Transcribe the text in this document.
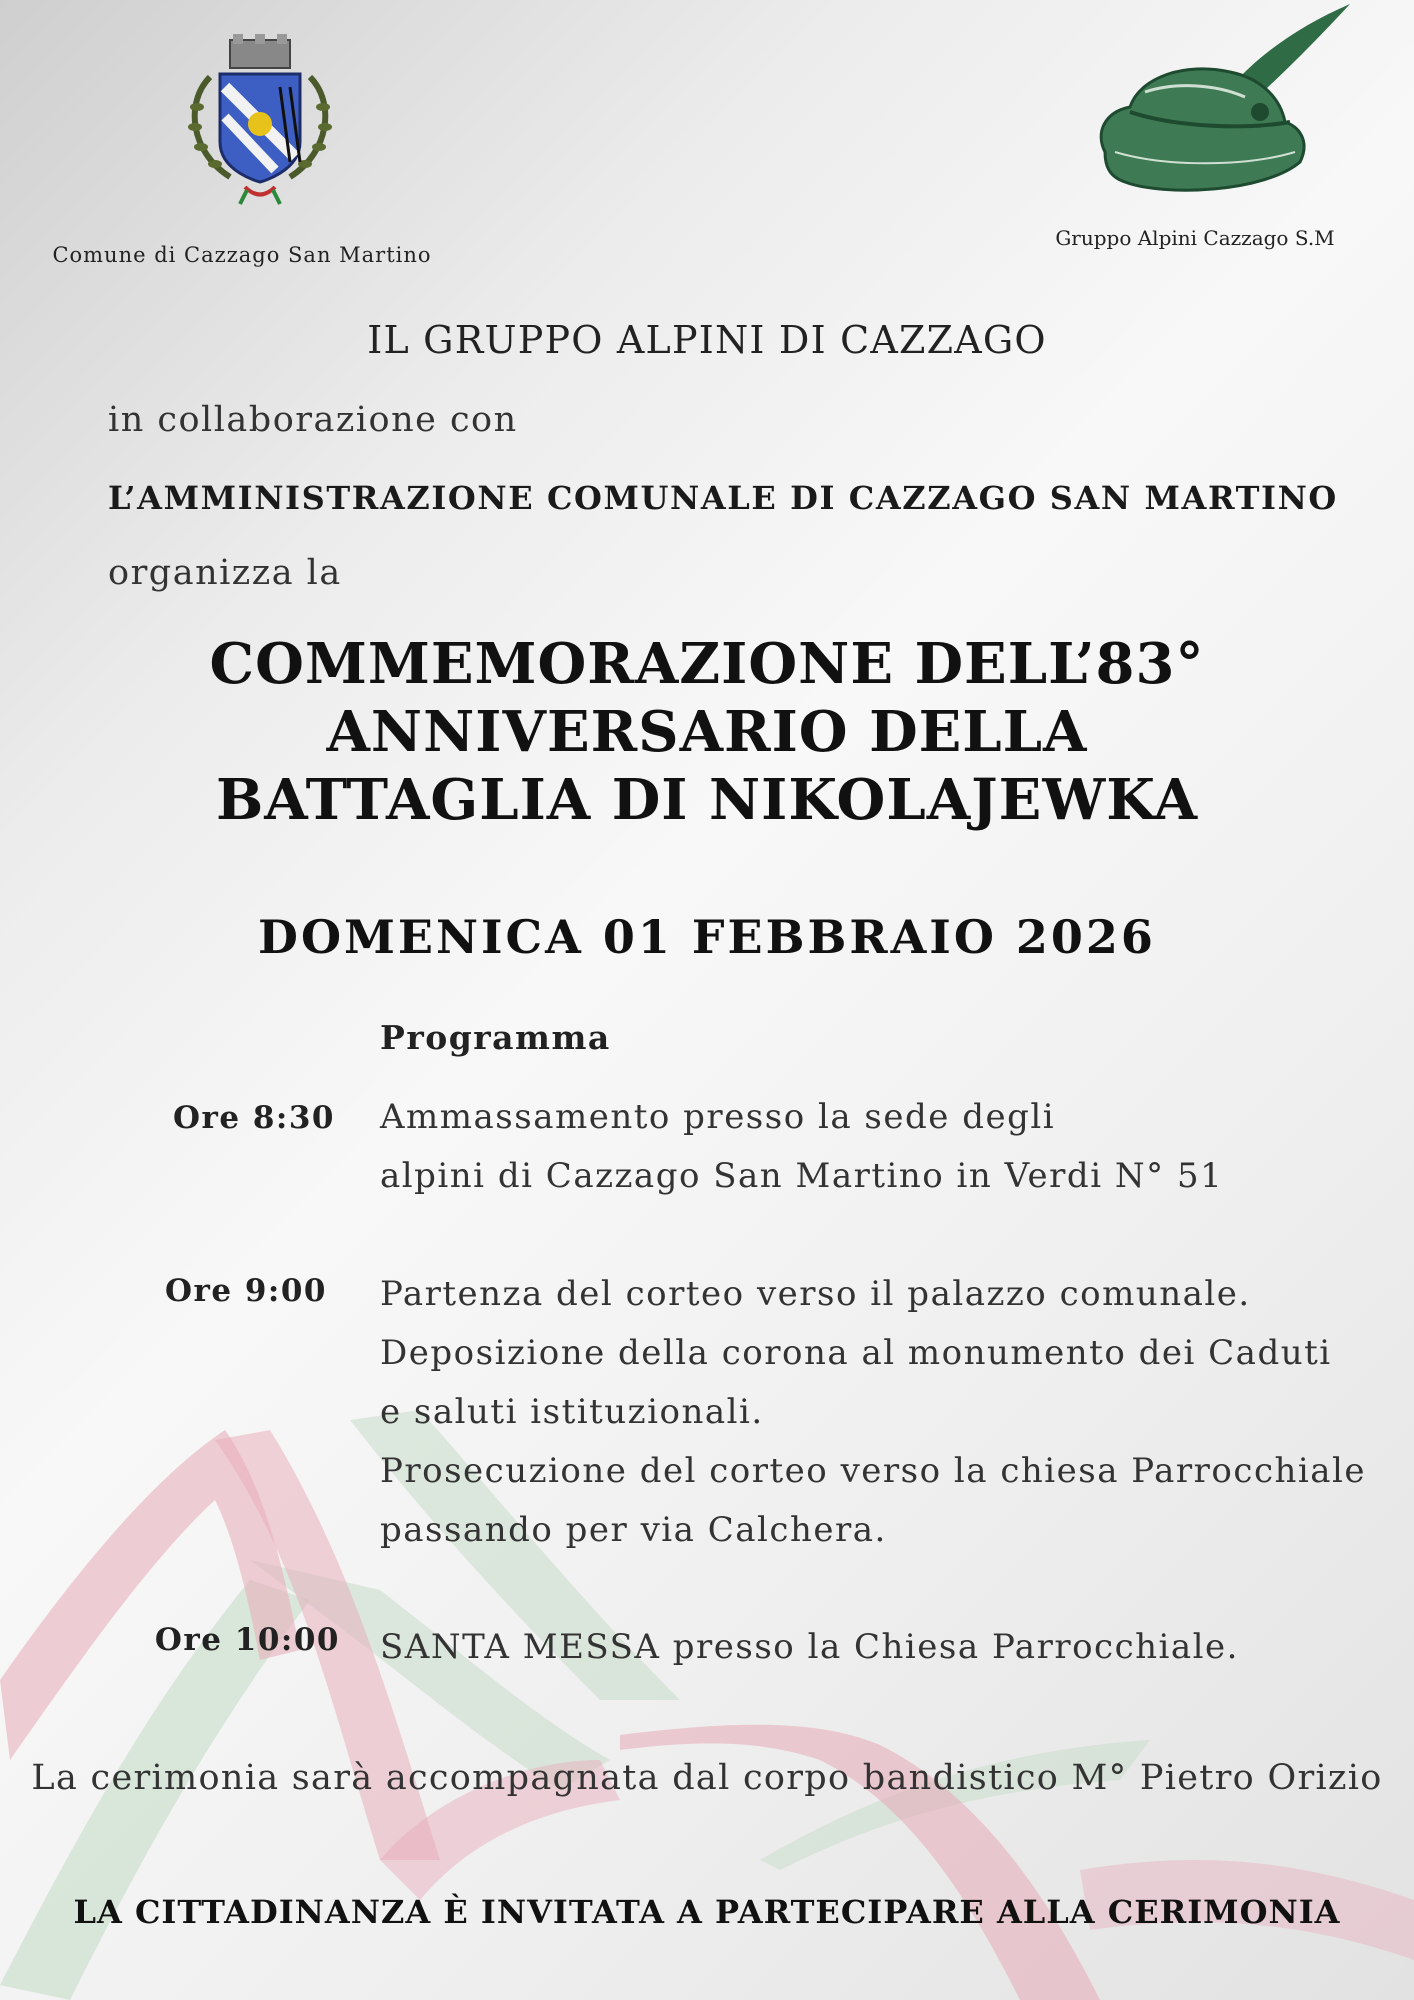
Comune di Cazzago San Martino
Gruppo Alpini Cazzago S.M
IL GRUPPO ALPINI DI CAZZAGO
in collaborazione con
L’AMMINISTRAZIONE COMUNALE DI CAZZAGO SAN MARTINO
organizza la
COMMEMORAZIONE DELL’83°
ANNIVERSARIO DELLA
BATTAGLIA DI NIKOLAJEWKA
DOMENICA 01 FEBBRAIO 2026
Programma
Ore 8:30 Ammassamento presso la sede degli
alpini di Cazzago San Martino in Verdi N° 51
Ore 9:00 Partenza del corteo verso il palazzo comunale.
Deposizione della corona al monumento dei Caduti
e saluti istituzionali.
Prosecuzione del corteo verso la chiesa Parrocchiale
passando per via Calchera.
Ore 10:00 SANTA MESSA presso la Chiesa Parrocchiale.
La cerimonia sarà accompagnata dal corpo bandistico M° Pietro Orizio
LA CITTADINANZA È INVITATA A PARTECIPARE ALLA CERIMONIA
